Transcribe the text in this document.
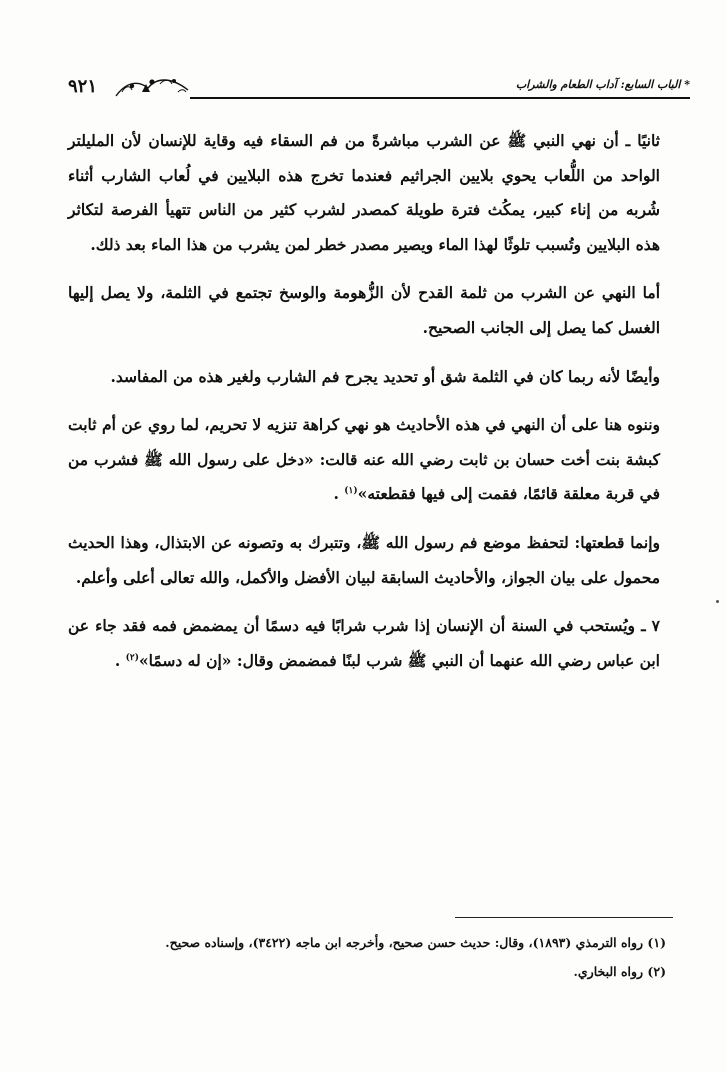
* الباب السابع: آداب الطعام والشراب
٩٢١

ثانيًا ـ أن نهي النبي ﷺ عن الشرب مباشرةً من فم السقاء فيه وقاية للإنسان لأن المليلتر الواحد من اللُّعاب يحوي بلايين الجراثيم فعندما تخرج هذه البلايين في لُعاب الشارب أثناء شُربه من إناء كبير، يمكُث فترة طويلة كمصدر لشرب كثير من الناس تتهيأ الفرصة لتكاثر هذه البلايين وتُسبب تلوثًا لهذا الماء ويصير مصدر خطر لمن يشرب من هذا الماء بعد ذلك.

أما النهي عن الشرب من ثلمة القدح لأن الزُّهومة والوسخ تجتمع في الثلمة، ولا يصل إليها الغسل كما يصل إلى الجانب الصحيح.

وأيضًا لأنه ربما كان في الثلمة شق أو تحديد يجرح فم الشارب ولغير هذه من المفاسد.

وننوه هنا على أن النهي في هذه الأحاديث هو نهي كراهة تنزيه لا تحريم، لما روي عن أم ثابت كبشة بنت أخت حسان بن ثابت رضي الله عنه قالت: «دخل على رسول الله ﷺ فشرب من في قربة معلقة قائمًا، فقمت إلى فيها فقطعته»$^{(١)}$ .

وإنما قطعتها: لتحفظ موضع فم رسول الله ﷺ، وتتبرك به وتصونه عن الابتذال، وهذا الحديث محمول على بيان الجواز، والأحاديث السابقة لبيان الأفضل والأكمل، والله تعالى أعلى وأعلم.

٧ ـ ويُستحب في السنة أن الإنسان إذا شرب شرابًا فيه دسمًا أن يمضمض فمه فقد جاء عن ابن عباس رضي الله عنهما أن النبي ﷺ شرب لبنًا فمضمض وقال: «إن له دسمًا»$^{(٢)}$ .

(١) رواه الترمذي (١٨٩٣)، وقال: حديث حسن صحيح، وأخرجه ابن ماجه (٣٤٢٢)، وإسناده صحيح.

(٢) رواه البخاري.
